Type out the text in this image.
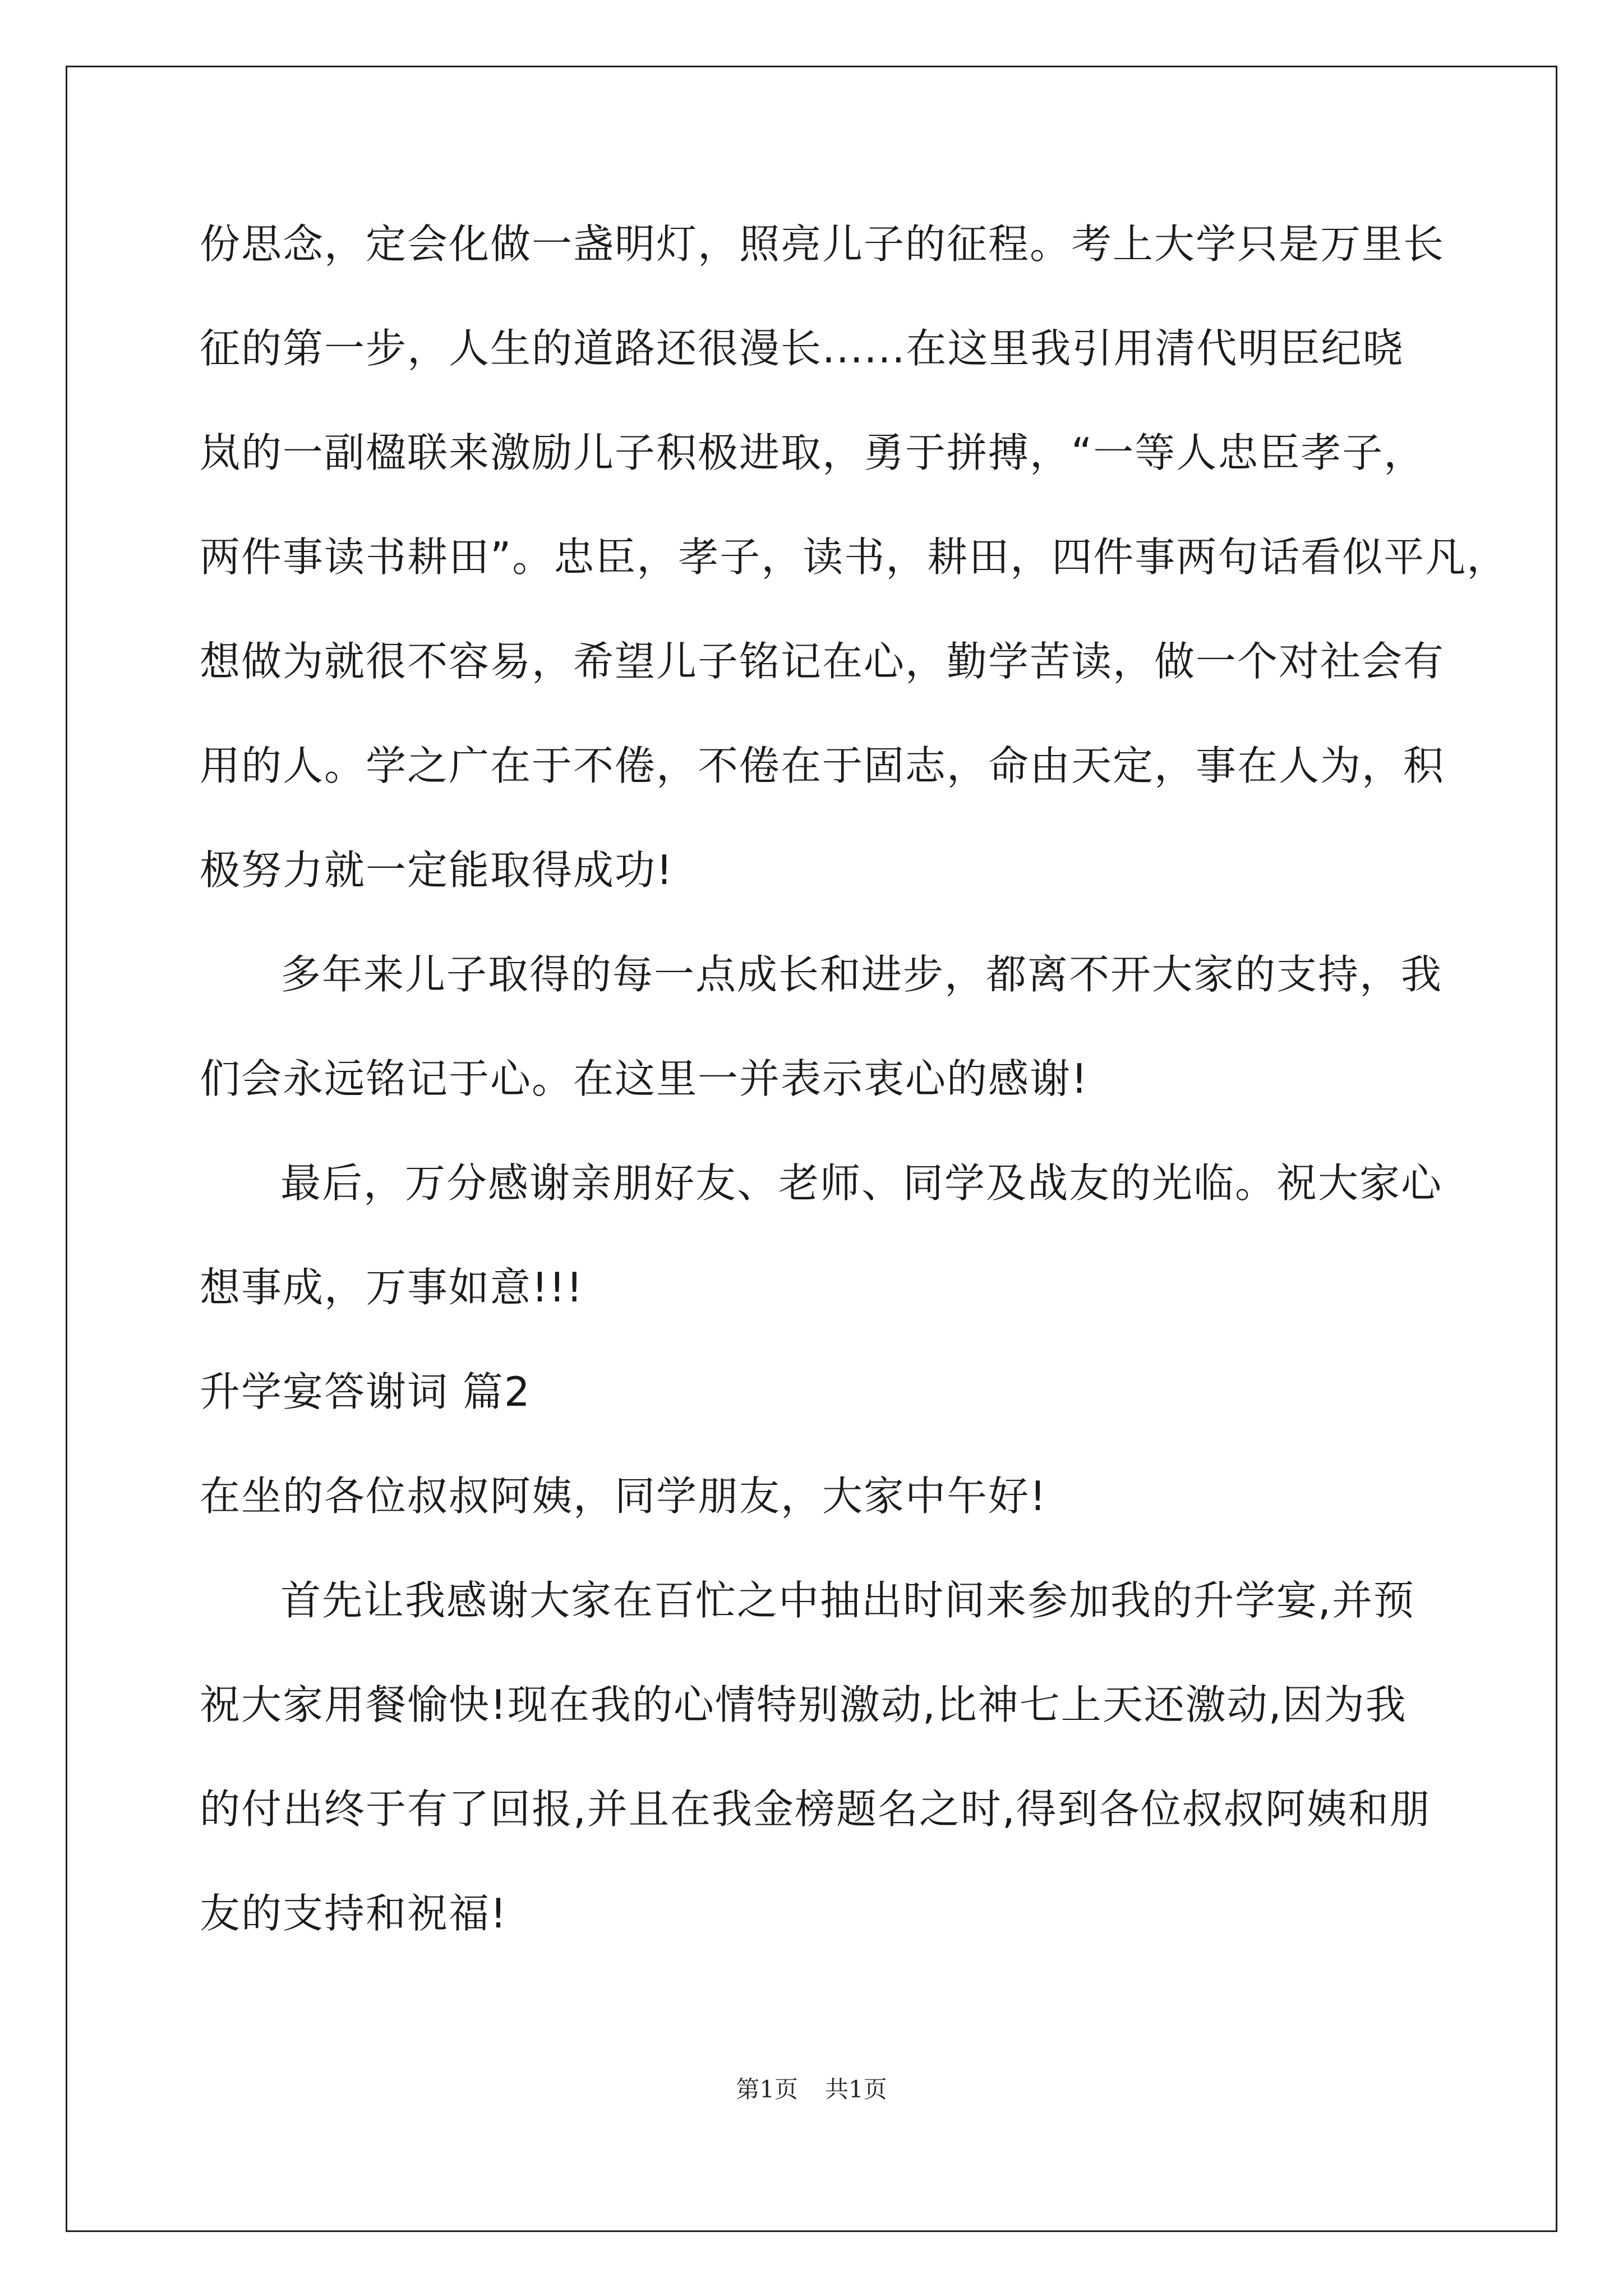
份思念，定会化做一盏明灯，照亮儿子的征程。考上大学只是万里长
征的第一步，人生的道路还很漫长......在这里我引用清代明臣纪晓
岚的一副楹联来激励儿子积极进取，勇于拼搏，“一等人忠臣孝子，
两件事读书耕田”。忠臣，孝子，读书，耕田，四件事两句话看似平凡，
想做为就很不容易，希望儿子铭记在心，勤学苦读，做一个对社会有
用的人。学之广在于不倦，不倦在于固志，命由天定，事在人为，积
极努力就一定能取得成功!
多年来儿子取得的每一点成长和进步，都离不开大家的支持，我
们会永远铭记于心。在这里一并表示衷心的感谢!
最后，万分感谢亲朋好友、老师、同学及战友的光临。祝大家心
想事成，万事如意!!!
升学宴答谢词 篇2
在坐的各位叔叔阿姨，同学朋友，大家中午好!
首先让我感谢大家在百忙之中抽出时间来参加我的升学宴,并预
祝大家用餐愉快!现在我的心情特别激动,比神七上天还激动,因为我
的付出终于有了回报,并且在我金榜题名之时,得到各位叔叔阿姨和朋
友的支持和祝福!
第1页 共1页
